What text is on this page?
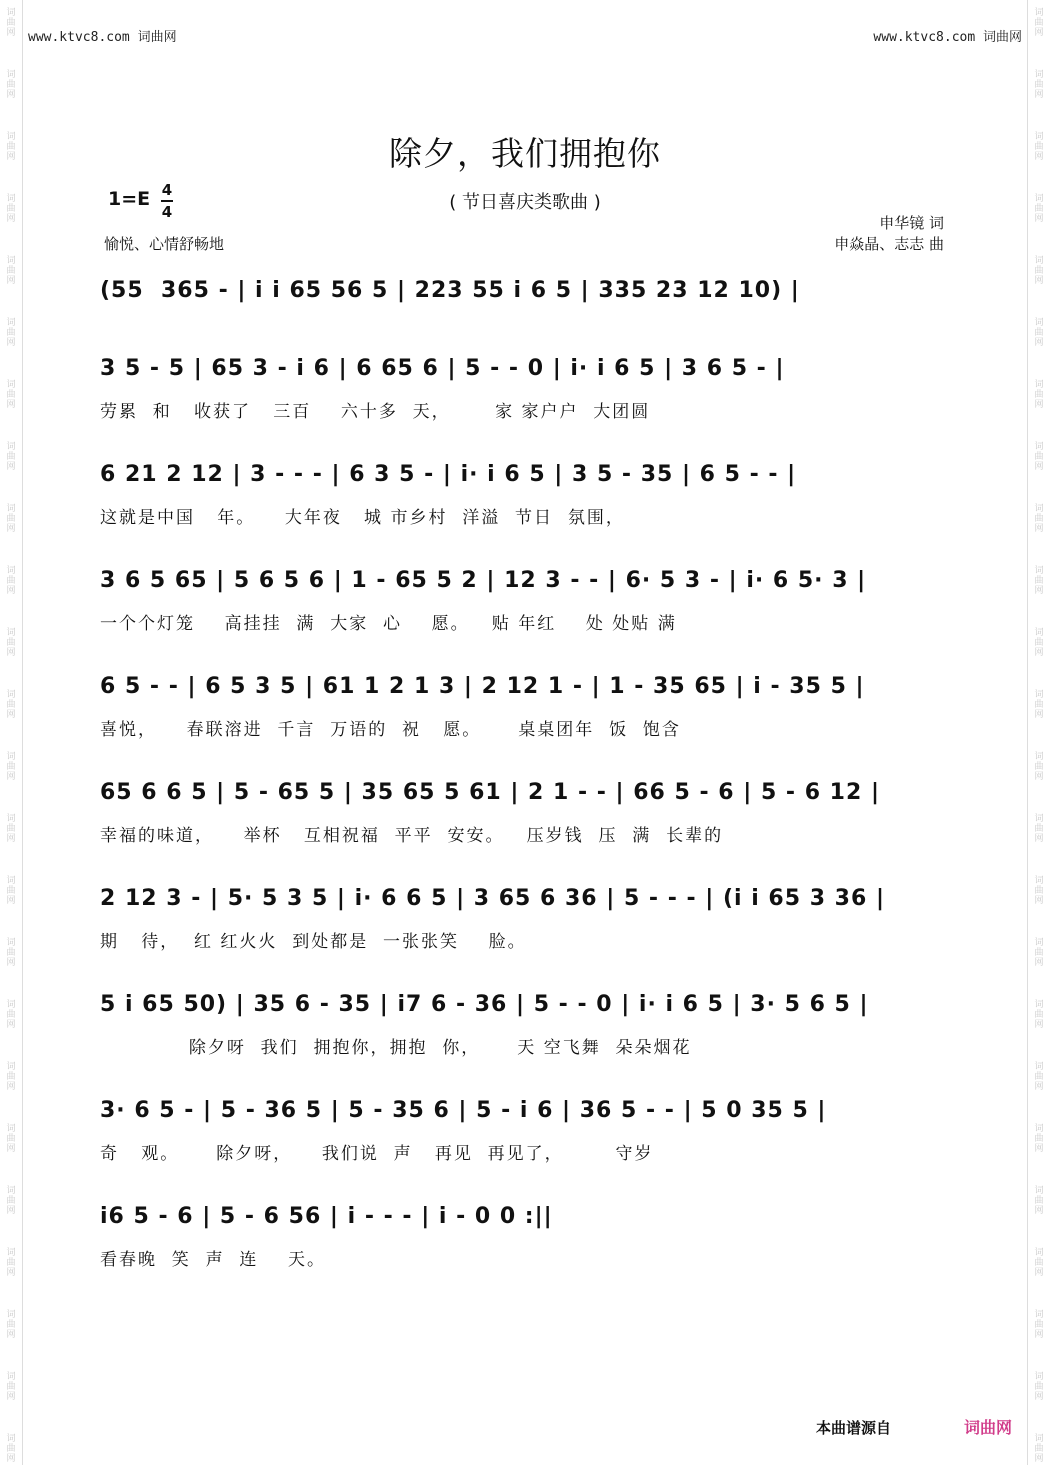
词
曲
网
词
曲
网
词
曲
网
词
曲
网
词
曲
网
词
曲
网
词
曲
网
词
曲
网
词
曲
网
词
曲
网
词
曲
网
词
曲
网
词
曲
网
词
曲
网
词
曲
网
词
曲
网
词
曲
网
词
曲
网
词
曲
网
词
曲
网
词
曲
网
词
曲
网
词
曲
网
词
曲
网
词
曲
网
词
曲
网
词
曲
网
词
曲
网
词
曲
网
词
曲
网
词
曲
网
词
曲
网
词
曲
网
词
曲
网
词
曲
网
词
曲
网
词
曲
网
词
曲
网
词
曲
网
词
曲
网
词
曲
网
词
曲
网
词
曲
网
词
曲
网
词
曲
网
词
曲
网
词
曲
网
词
曲
网
www.ktvc8.com 词曲网	www.ktvc8.com 词曲网
除夕，我们拥抱你
( 节日喜庆类歌曲 )
1=E 4
4
愉悦、心情舒畅地
申华镜 词
申焱晶、志志 曲
(55  365 - | i i 65 56 5 | 223 55 i 6 5 | 335 23 12 10) |
3 5 - 5 | 65 3 - i 6 | 6 65 6 | 5 - - 0 | i· i 6 5 | 3 6 5 - |
劳累  和   收获了   三百    六十多  天，      家 家户户  大团圆
6 21 2 12 | 3 - - - | 6 3 5 - | i· i 6 5 | 3 5 - 35 | 6 5 - - |
这就是中国   年。    大年夜   城 市乡村  洋溢  节日  氛围，
3 6 5 65 | 5 6 5 6 | 1 - 65 5 2 | 12 3 - - | 6· 5 3 - | i· 6 5· 3 |
一个个灯笼    高挂挂  满  大家  心    愿。   贴 年红    处 处贴 满
6 5 - - | 6 5 3 5 | 61 1 2 1 3 | 2 12 1 - | 1 - 35 65 | i - 35 5 |
喜悦，    春联溶进  千言  万语的  祝   愿。     桌桌团年  饭  饱含
65 6 6 5 | 5 - 65 5 | 35 65 5 61 | 2 1 - - | 66 5 - 6 | 5 - 6 12 |
幸福的味道，    举杯   互相祝福  平平  安安。   压岁钱  压  满  长辈的
2 12 3 - | 5· 5 3 5 | i· 6 6 5 | 3 65 6 36 | 5 - - - | (i i 65 3 36 |
期   待，  红 红火火  到处都是  一张张笑    脸。
5 i 65 50) | 35 6 - 35 | i7 6 - 36 | 5 - - 0 | i· i 6 5 | 3· 5 6 5 |
除夕呀  我们  拥抱你，拥抱  你，     天 空飞舞  朵朵烟花
3· 6 5 - | 5 - 36 5 | 5 - 35 6 | 5 - i 6 | 36 5 - - | 5 0 35 5 |
奇   观。     除夕呀，    我们说  声   再见  再见了，       守岁
i6 5 - 6 | 5 - 6 56 | i - - - | i - 0 0 :||
看春晚  笑  声  连    天。
本曲谱源自	词曲网
